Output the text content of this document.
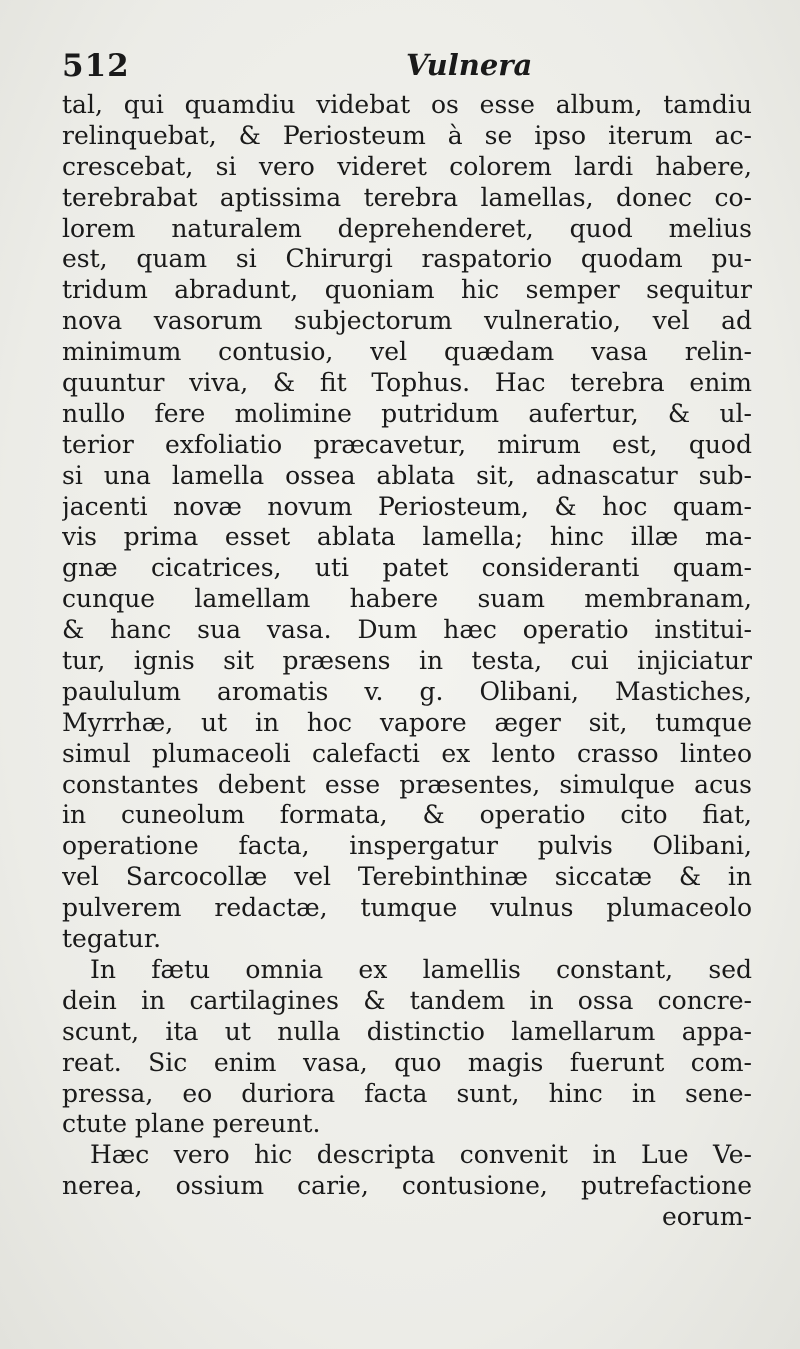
512	Vulnera
tal, qui quamdiu videbat os esse album, tamdiu
relinquebat, & Periosteum à se ipso iterum ac-
crescebat, si vero videret colorem lardi habere,
terebrabat aptissima terebra lamellas, donec co-
lorem naturalem deprehenderet, quod melius
est, quam si Chirurgi raspatorio quodam pu-
tridum abradunt, quoniam hic semper sequitur
nova vasorum subjectorum vulneratio, vel ad
minimum contusio, vel quædam vasa relin-
quuntur viva, & fit Tophus. Hac terebra enim
nullo fere molimine putridum aufertur, & ul-
terior exfoliatio præcavetur, mirum est, quod
si una lamella ossea ablata sit, adnascatur sub-
jacenti novæ novum Periosteum, & hoc quam-
vis prima esset ablata lamella; hinc illæ ma-
gnæ cicatrices, uti patet consideranti quam-
cunque lamellam habere suam membranam,
& hanc sua vasa. Dum hæc operatio institui-
tur, ignis sit præsens in testa, cui injiciatur
paululum aromatis v. g. Olibani, Mastiches,
Myrrhæ, ut in hoc vapore æger sit, tumque
simul plumaceoli calefacti ex lento crasso linteo
constantes debent esse præsentes, simulque acus
in cuneolum formata, & operatio cito fiat,
operatione facta, inspergatur pulvis Olibani,
vel Sarcocollæ vel Terebinthinæ siccatæ & in
pulverem redactæ, tumque vulnus plumaceolo
tegatur.
In fætu omnia ex lamellis constant, sed
dein in cartilagines & tandem in ossa concre-
scunt, ita ut nulla distinctio lamellarum appa-
reat. Sic enim vasa, quo magis fuerunt com-
pressa, eo duriora facta sunt, hinc in sene-
ctute plane pereunt.
Hæc vero hic descripta convenit in Lue Ve-
nerea, ossium carie, contusione, putrefactione
eorum-
